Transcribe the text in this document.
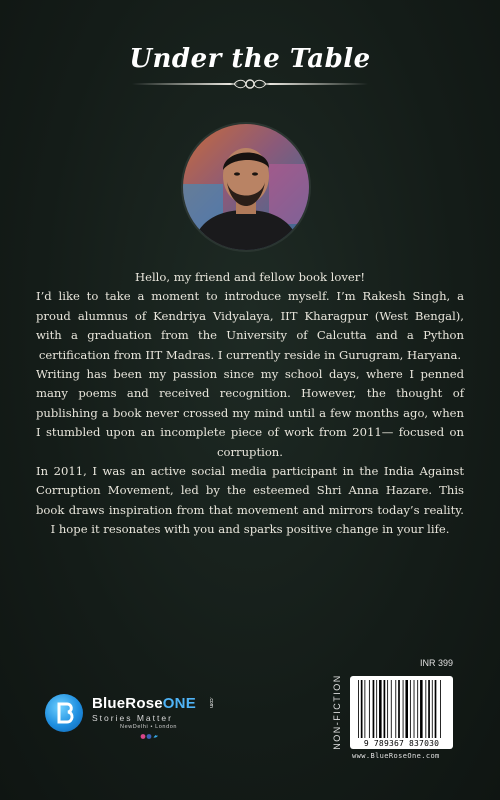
Under the Table

Hello, my friend and fellow book lover!

I’d like to take a moment to introduce myself. I’m Rakesh Singh, a proud alumnus of Kendriya Vidyalaya, IIT Kharagpur (West Bengal), with a graduation from the University of Calcutta and a Python certification from IIT Madras. I currently reside in Gurugram, Haryana.

Writing has been my passion since my school days, where I penned many poems and received recognition. However, the thought of publishing a book never crossed my mind until a few months ago, when I stumbled upon an incomplete piece of work from 2011— focused on corruption.

In 2011, I was an active social media participant in the India Against Corruption Movement, led by the esteemed Shri Anna Hazare. This book draws inspiration from that movement and mirrors today’s reality. I hope it resonates with you and sparks positive change in your life.

BlueRoseONE .com
Stories Matter
NewDelhi • London
INR 399
NON-FICTION	9 789367 837030
www.BlueRoseOne.com
